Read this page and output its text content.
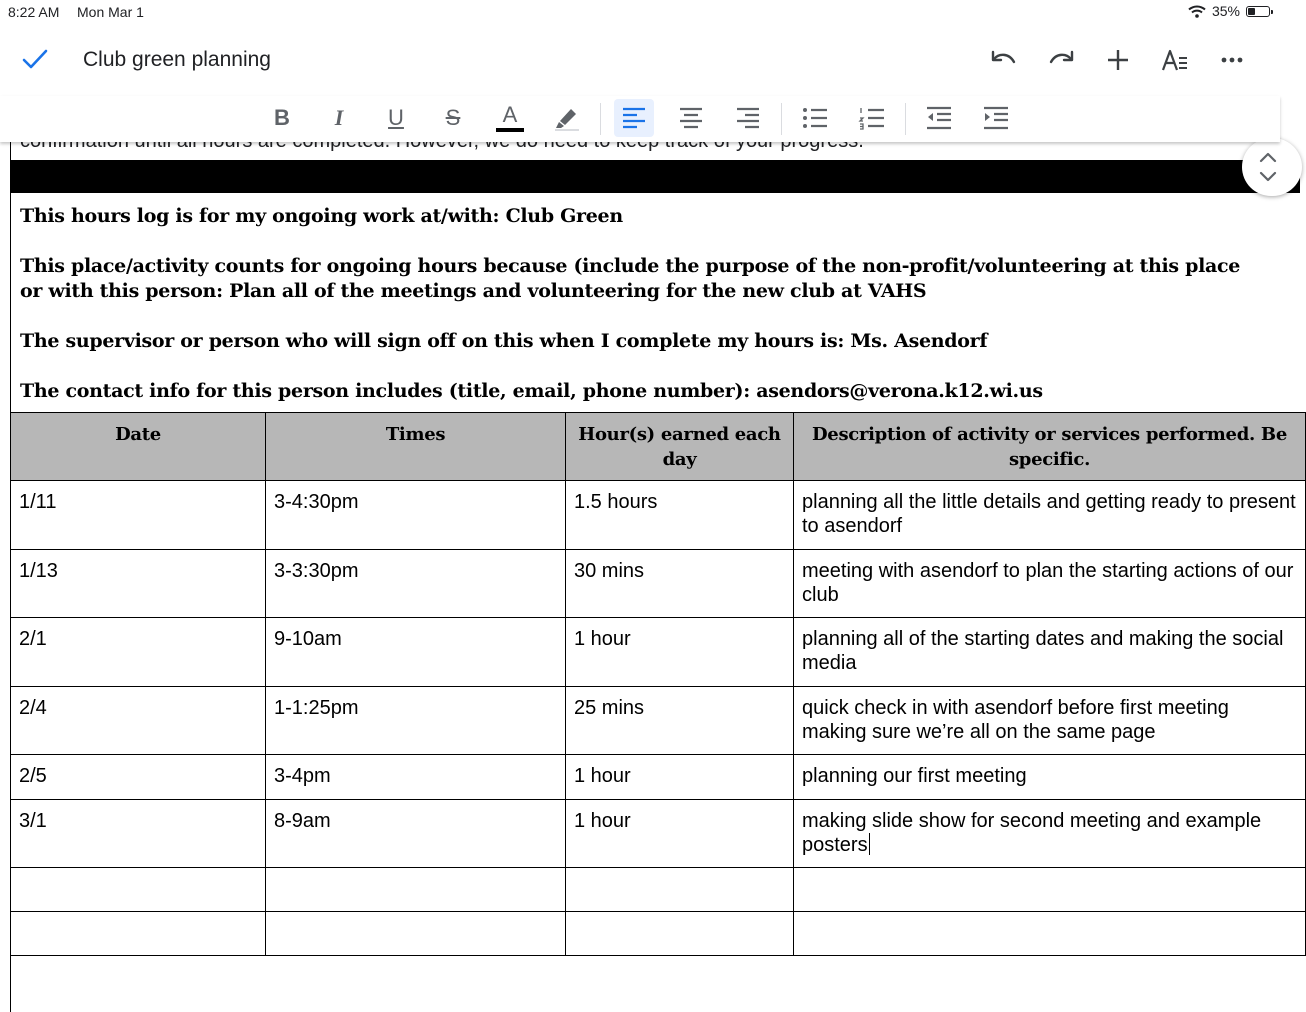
8:22 AM Mon Mar 1	35%
Club green planning
B I U S A
This hours log is for my ongoing work at/with: Club Green
This place/activity counts for ongoing hours because (include the purpose of the non-profit/volunteering at this place or with this person: Plan all of the meetings and volunteering for the new club at VAHS
The supervisor or person who will sign off on this when I complete my hours is: Ms. Asendorf
The contact info for this person includes (title, email, phone number): asendors@verona.k12.wi.us
Date	Times	Hour(s) earned each day	Description of activity or services performed. Be specific.
1/11	3-4:30pm	1.5 hours	planning all the little details and getting ready to present to asendorf
1/13	3-3:30pm	30 mins	meeting with asendorf to plan the starting actions of our club
2/1	9-10am	1 hour	planning all of the starting dates and making the social media
2/4	1-1:25pm	25 mins	quick check in with asendorf before first meeting making sure we’re all on the same page
2/5	3-4pm	1 hour	planning our first meeting
3/1	8-9am	1 hour	making slide show for second meeting and example posters
